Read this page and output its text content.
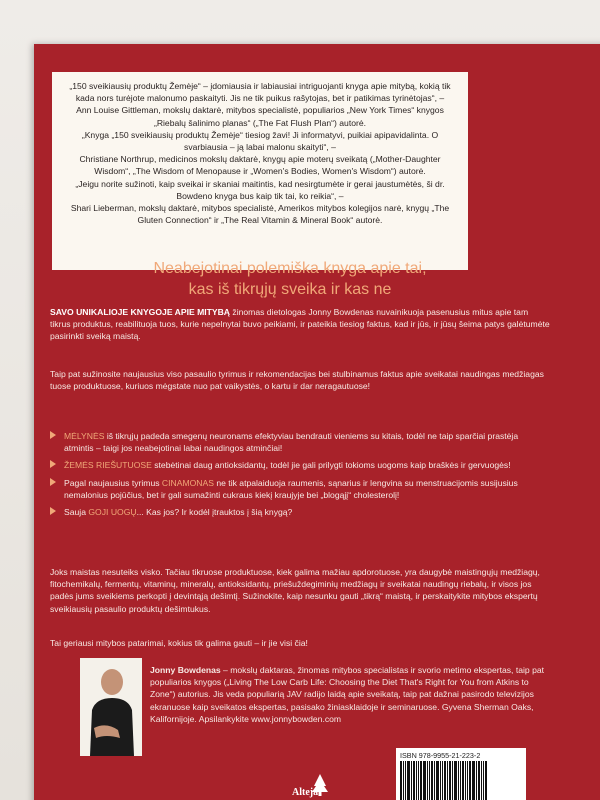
„150 sveikiausių produktų Žemėje“ – įdomiausia ir labiausiai intriguojanti knyga apie mitybą, kokią tik kada nors turėjote malonumo paskaityti. Jis ne tik puikus rašytojas, bet ir patikimas tyrinėtojas“, –

Ann Louise Gittleman, mokslų daktarė, mitybos specialistė, populiarios „New York Times“ knygos „Riebalų šalinimo planas“ („The Fat Flush Plan“) autorė.

„Knyga „150 sveikiausių produktų Žemėje“ tiesiog žavi! Ji informatyvi, puikiai apipavidalinta. O svarbiausia – ją labai malonu skaityti“, –

Christiane Northrup, medicinos mokslų daktarė, knygų apie moterų sveikatą („Mother-Daughter Wisdom“, „The Wisdom of Menopause ir „Women's Bodies, Women's Wisdom“) autorė.

„Jeigu norite sužinoti, kaip sveikai ir skaniai maitintis, kad nesirgtumėte ir gerai jaustumėtės, ši dr. Bowdeno knyga bus kaip tik tai, ko reikia“, –

Shari Lieberman, mokslų daktarė, mitybos specialistė, Amerikos mitybos kolegijos narė, knygų „The Gluten Connection“ ir „The Real Vitamin & Mineral Book“ autorė.

Neabejotinai polemiška knyga apie tai,
kas iš tikrųjų sveika ir kas ne
SAVO UNIKALIOJE KNYGOJE APIE MITYBĄ žinomas dietologas Jonny Bowdenas nuvainikuoja pasenusius mitus apie tam tikrus produktus, reabilituoja tuos, kurie nepelnytai buvo peikiami, ir pateikia tiesiog faktus, kad ir jūs, ir jūsų šeima patys galėtumėte pasirinkti sveiką maistą.
Taip pat sužinosite naujausius viso pasaulio tyrimus ir rekomendacijas bei stulbinamus faktus apie sveikatai naudingas medžiagas tuose produktuose, kuriuos mėgstate nuo pat vaikystės, o kartu ir dar neragautuose!
MĖLYNĖS iš tikrųjų padeda smegenų neuronams efektyviau bendrauti vieniems su kitais, todėl ne taip sparčiai prastėja atmintis – taigi jos neabejotinai labai naudingos atminčiai!
ŽEMĖS RIEŠUTUOSE stebėtinai daug antioksidantų, todėl jie gali prilygti tokioms uogoms kaip braškės ir gervuogės!
Pagal naujausius tyrimus CINAMONAS ne tik atpalaiduoja raumenis, sąnarius ir lengvina su menstruacijomis susijusius nemalonius pojūčius, bet ir gali sumažinti cukraus kiekį kraujyje bei „blogąjį“ cholesterolį!
Sauja GOJI UOGŲ... Kas jos? Ir kodėl įtrauktos į šią knygą?
Joks maistas nesuteiks visko. Tačiau tikruose produktuose, kiek galima mažiau apdorotuose, yra daugybė maistingųjų medžiagų, fitochemikalų, fermentų, vitaminų, mineralų, antioksidantų, priešuždegiminių medžiagų ir sveikatai naudingų riebalų, ir visos jos padės jums sveikiems perkopti į devintąją dešimtį. Sužinokite, kaip nesunku gauti „tikrą“ maistą, ir perskaitykite mitybos ekspertų sveikiausių pasaulio produktų dešimtukus.
Tai geriausi mitybos patarimai, kokius tik galima gauti – ir jie visi čia!
Jonny Bowdenas – mokslų daktaras, žinomas mitybos specialistas ir svorio metimo ekspertas, taip pat populiarios knygos („Living The Low Carb Life: Choosing the Diet That's Right for You from Atkins to Zone“) autorius. Jis veda populiarią JAV radijo laidą apie sveikatą, taip pat dažnai pasirodo televizijos ekranuose kaip sveikatos ekspertas, pasisako žiniasklaidoje ir seminaruose. Gyvena Sherman Oaks, Kalifornijoje. Apsilankykite www.jonnybowden.com
ISBN 978-9955-21-223-2
Alteja
